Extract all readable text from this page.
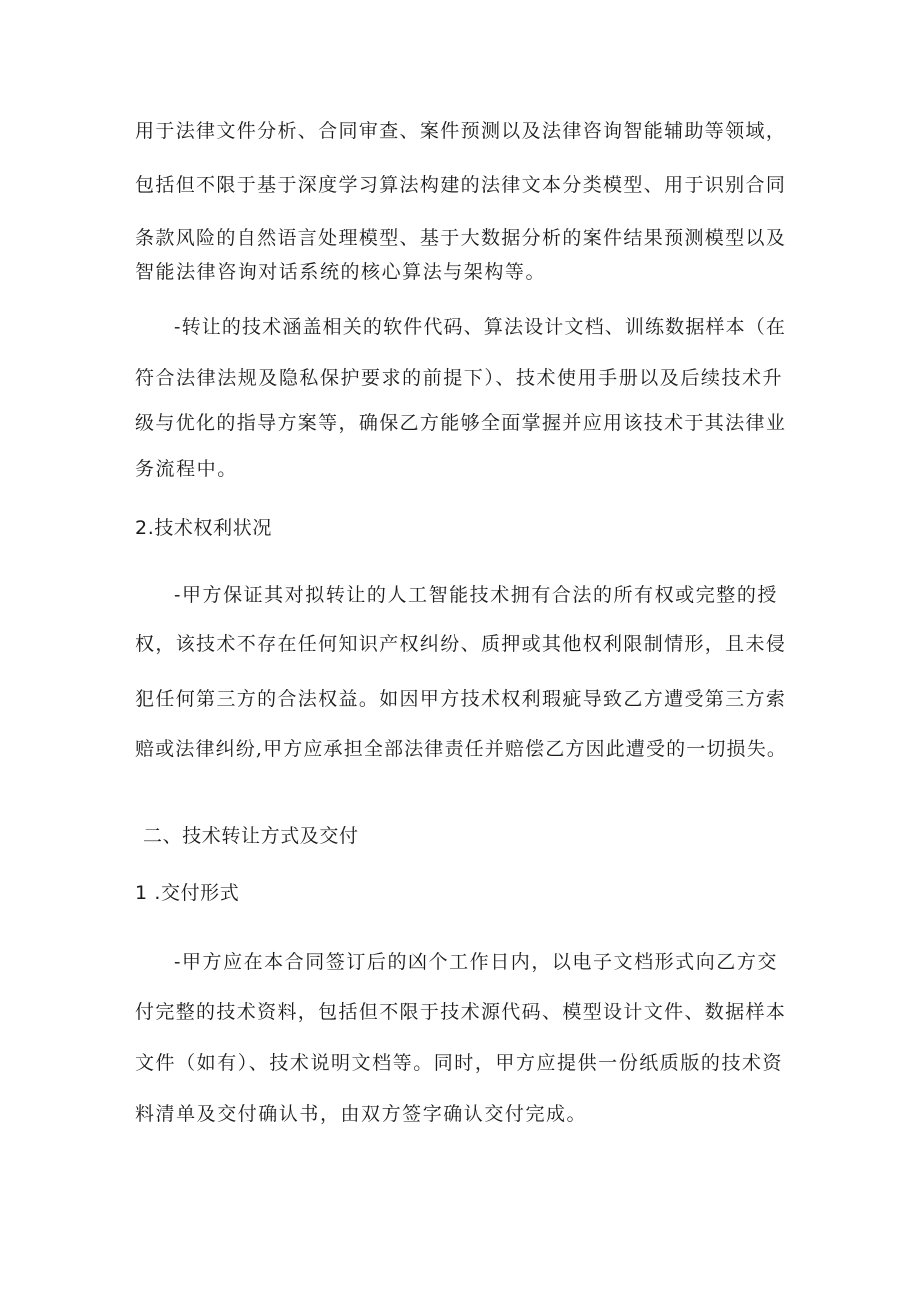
用于法律文件分析、合同审查、案件预测以及法律咨询智能辅助等领域，
包括但不限于基于深度学习算法构建的法律文本分类模型、用于识别合同
条款风险的自然语言处理模型、基于大数据分析的案件结果预测模型以及
智能法律咨询对话系统的核心算法与架构等。
-转让的技术涵盖相关的软件代码、算法设计文档、训练数据样本（在
符合法律法规及隐私保护要求的前提下）、技术使用手册以及后续技术升
级与优化的指导方案等，确保乙方能够全面掌握并应用该技术于其法律业
务流程中。
2.技术权利状况
-甲方保证其对拟转让的人工智能技术拥有合法的所有权或完整的授
权，该技术不存在任何知识产权纠纷、质押或其他权利限制情形，且未侵
犯任何第三方的合法权益。如因甲方技术权利瑕疵导致乙方遭受第三方索
赔或法律纠纷,甲方应承担全部法律责任并赔偿乙方因此遭受的一切损失。
二、技术转让方式及交付
1 .交付形式
-甲方应在本合同签订后的凶个工作日内，以电子文档形式向乙方交
付完整的技术资料，包括但不限于技术源代码、模型设计文件、数据样本
文件（如有）、技术说明文档等。同时，甲方应提供一份纸质版的技术资
料清单及交付确认书，由双方签字确认交付完成。
